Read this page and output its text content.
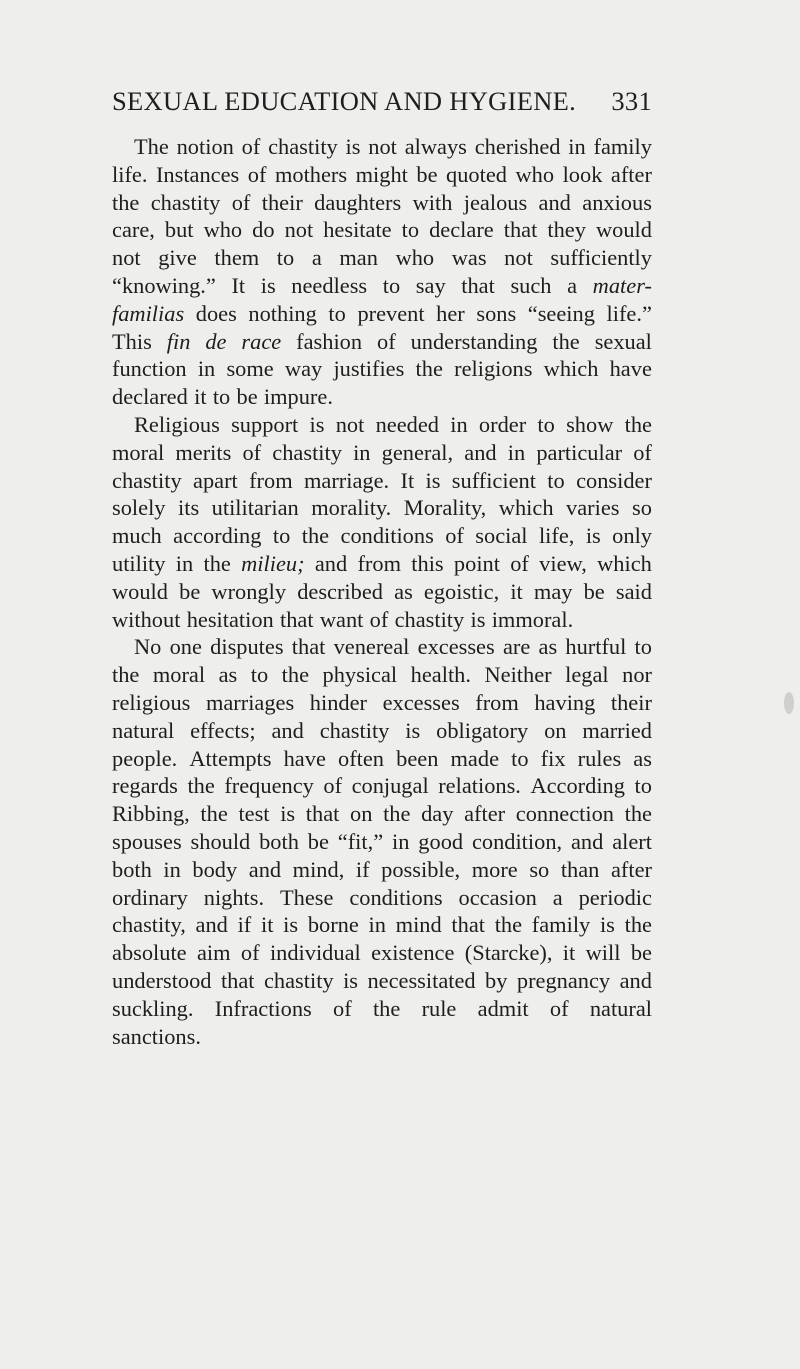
SEXUAL EDUCATION AND HYGIENE. 331
The notion of chastity is not always cherished in family
life. Instances of mothers might be quoted who look after
the chastity of their daughters with jealous and anxious
care, but who do not hesitate to declare that they would
not give them to a man who was not sufficiently
“knowing.” It is needless to say that such a mater-
familias does nothing to prevent her sons “seeing life.”
This fin de race fashion of understanding the sexual
function in some way justifies the religions which have
declared it to be impure.
Religious support is not needed in order to show the
moral merits of chastity in general, and in particular of
chastity apart from marriage. It is sufficient to consider
solely its utilitarian morality. Morality, which varies so
much according to the conditions of social life, is only
utility in the milieu; and from this point of view, which
would be wrongly described as egoistic, it may be said
without hesitation that want of chastity is immoral.
No one disputes that venereal excesses are as hurtful to
the moral as to the physical health. Neither legal nor
religious marriages hinder excesses from having their
natural effects; and chastity is obligatory on married
people. Attempts have often been made to fix rules as
regards the frequency of conjugal relations. According to
Ribbing, the test is that on the day after connection the
spouses should both be “fit,” in good condition, and alert
both in body and mind, if possible, more so than after
ordinary nights. These conditions occasion a periodic
chastity, and if it is borne in mind that the family is the
absolute aim of individual existence (Starcke), it will be
understood that chastity is necessitated by pregnancy and
suckling. Infractions of the rule admit of natural
sanctions.
